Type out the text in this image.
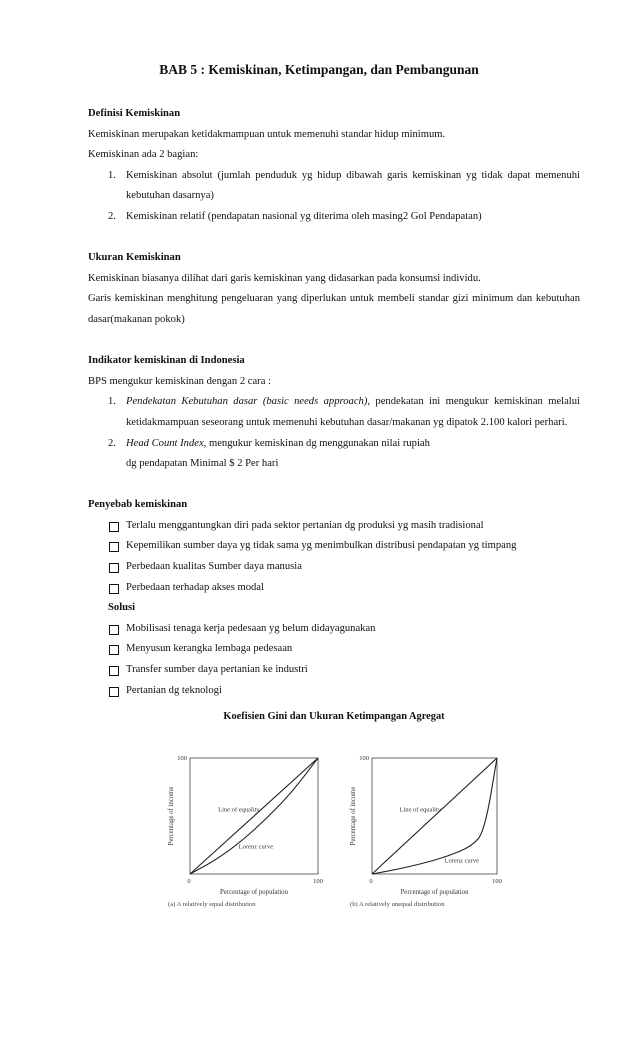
BAB 5 : Kemiskinan, Ketimpangan, dan Pembangunan
Definisi Kemiskinan
Kemiskinan merupakan ketidakmampuan untuk memenuhi standar hidup minimum.
Kemiskinan ada 2 bagian:
1. Kemiskinan absolut (jumlah penduduk yg hidup dibawah garis kemiskinan yg tidak dapat memenuhi kebutuhan dasarnya)
2. Kemiskinan relatif (pendapatan nasional yg diterima oleh masing2 Gol Pendapatan)
Ukuran Kemiskinan
Kemiskinan biasanya dilihat dari garis kemiskinan yang didasarkan pada konsumsi individu.
Garis kemiskinan menghitung pengeluaran yang diperlukan untuk membeli standar gizi minimum dan kebutuhan dasar(makanan pokok)
Indikator kemiskinan di Indonesia
BPS mengukur kemiskinan dengan 2 cara :
1. Pendekatan Kebutuhan dasar (basic needs approach), pendekatan ini mengukur kemiskinan melalui ketidakmampuan seseorang untuk memenuhi kebutuhan dasar/makanan yg dipatok 2.100 kalori perhari.
2. Head Count Index, mengukur kemiskinan dg menggunakan nilai rupiah
dg pendapatan Minimal $ 2 Per hari
Penyebab kemiskinan
Terlalu menggantungkan diri pada sektor pertanian dg produksi yg masih tradisional
Kepemilikan sumber daya yg tidak sama yg menimbulkan distribusi pendapatan yg timpang
Perbedaan kualitas Sumber daya manusia
Perbedaan terhadap akses modal
Solusi
Mobilisasi tenaga kerja pedesaan yg belum didayagunakan
Menyusun kerangka lembaga pedesaan
Transfer sumber daya pertanian ke industri
Pertanian dg teknologi
Koefisien Gini dan Ukuran Ketimpangan Agregat
Line of equality
Lorenz curve
0	100
100
Percentage of population
Percentage of income
(a) A relatively equal distribution
Line of equality
Lorenz curve
0	100
100
Percentage of population
Percentage of income
(b) A relatively unequal distribution
